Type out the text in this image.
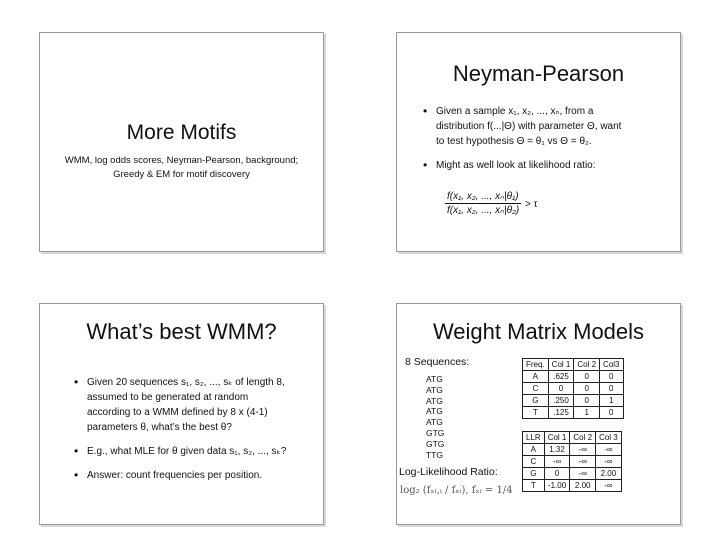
More Motifs
WMM, log odds scores, Neyman-Pearson, background;
Greedy & EM for motif discovery
Neyman-Pearson
• Given a sample x₁, x₂, ..., xₙ, from a
distribution f(...|Θ) with parameter Θ, want
to test hypothesis Θ = θ₁ vs Θ = θ₂.
• Might as well look at likelihood ratio:
$\frac{\text{f(x₁, x₂, ..., xₙ|θ₁)}}{\text{f(x₁, x₂, ..., xₙ|θ₂)}} > \tau$
What’s best WMM?
• Given 20 sequences s₁, s₂, ..., sₖ of length 8,
assumed to be generated at random
according to a WMM defined by 8 x (4-1)
parameters θ, what’s the best θ?
• E.g., what MLE for θ given data s₁, s₂, ..., sₖ?
• Answer: count frequencies per position.
Weight Matrix Models
8 Sequences:
ATG
ATG
ATG
ATG
ATG
GTG
GTG
TTG
Log-Likelihood Ratio:
log₂ (fₓᵢ,ᵢ / fₓᵢ), fₓᵢ = 1/4
Freq.	Col 1	Col 2	Col3
A	.625	0	0
C	0	0	0
G	.250	0	1
T	.125	1	0
LLR	Col 1	Col 2	Col 3
A	1.32	-∞	-∞
C	-∞	-∞	-∞
G	0	-∞	2.00
T	-1.00	2.00	-∞
